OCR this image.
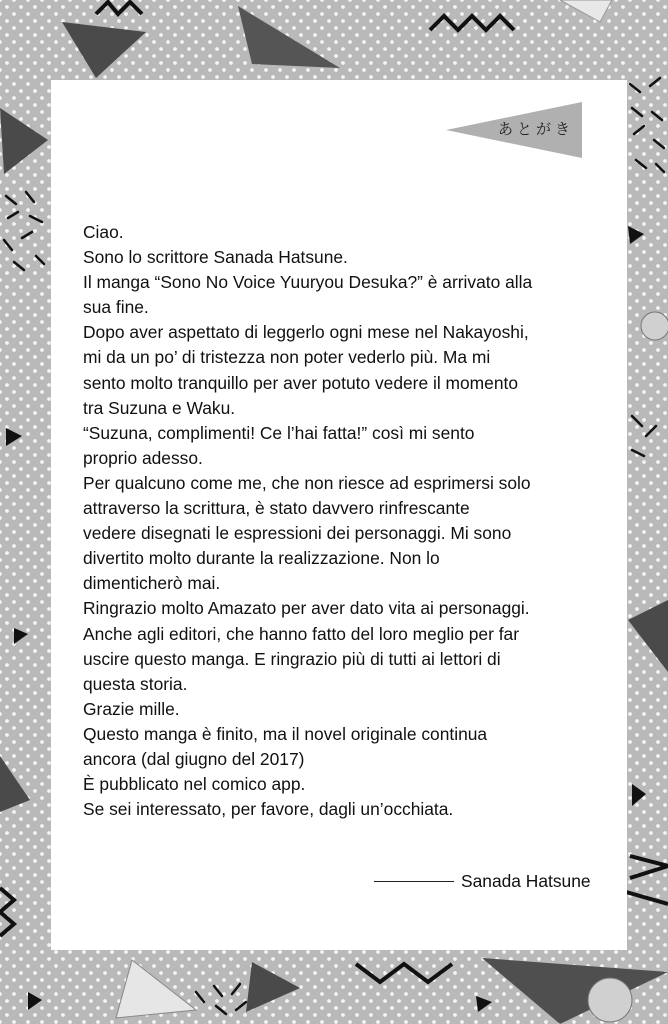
あとがき
Ciao.
Sono lo scrittore Sanada Hatsune.
Il manga “Sono No Voice Yuuryou Desuka?” è arrivato alla
sua fine.
Dopo aver aspettato di leggerlo ogni mese nel Nakayoshi,
mi da un po’ di tristezza non poter vederlo più. Ma mi
sento molto tranquillo per aver potuto vedere il momento
tra Suzuna e Waku.
“Suzuna, complimenti! Ce l’hai fatta!” così mi sento
proprio adesso.
Per qualcuno come me, che non riesce ad esprimersi solo
attraverso la scrittura, è stato davvero rinfrescante
vedere disegnati le espressioni dei personaggi. Mi sono
divertito molto durante la realizzazione. Non lo
dimenticherò mai.
Ringrazio molto Amazato per aver dato vita ai personaggi.
Anche agli editori, che hanno fatto del loro meglio per far
uscire questo manga. E ringrazio più di tutti ai lettori di
questa storia.
Grazie mille.
Questo manga è finito, ma il novel originale continua
ancora (dal giugno del 2017)
È pubblicato nel comico app.
Se sei interessato, per favore, dagli un’occhiata.
Sanada Hatsune
